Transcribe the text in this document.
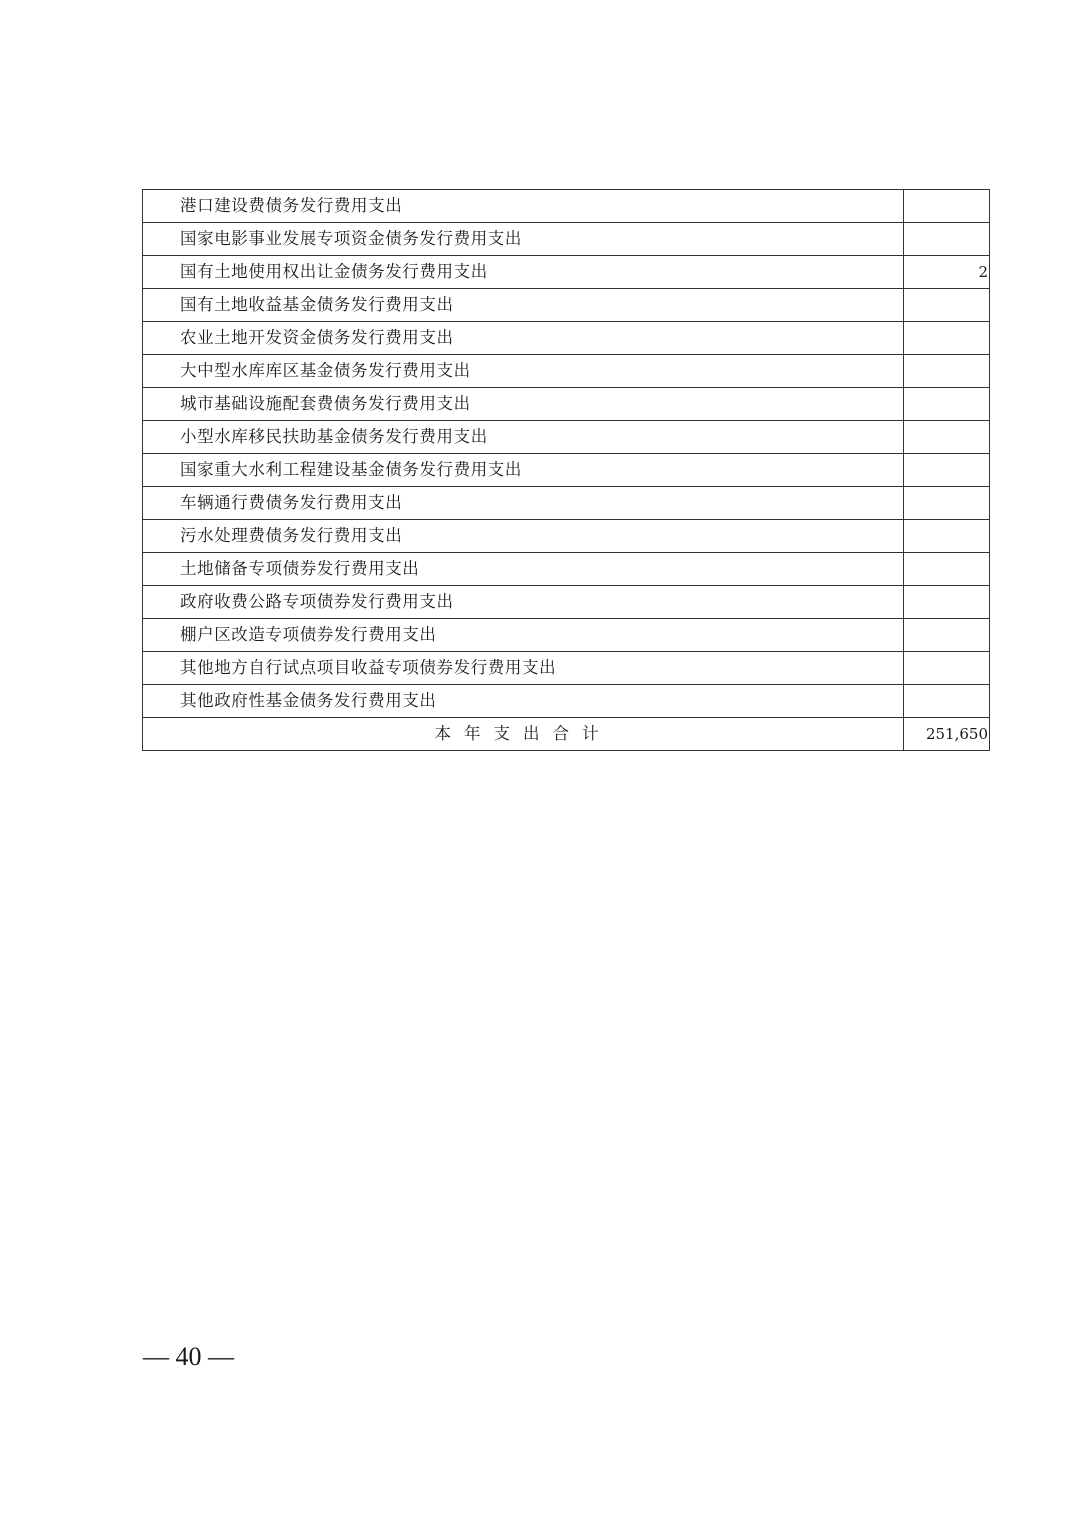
港口建设费债务发行费用支出	
国家电影事业发展专项资金债务发行费用支出	
国有土地使用权出让金债务发行费用支出	2
国有土地收益基金债务发行费用支出	
农业土地开发资金债务发行费用支出	
大中型水库库区基金债务发行费用支出	
城市基础设施配套费债务发行费用支出	
小型水库移民扶助基金债务发行费用支出	
国家重大水利工程建设基金债务发行费用支出	
车辆通行费债务发行费用支出	
污水处理费债务发行费用支出	
土地储备专项债券发行费用支出	
政府收费公路专项债券发行费用支出	
棚户区改造专项债券发行费用支出	
其他地方自行试点项目收益专项债券发行费用支出	
其他政府性基金债务发行费用支出	
本年支出合计	251,650
— 40 —
